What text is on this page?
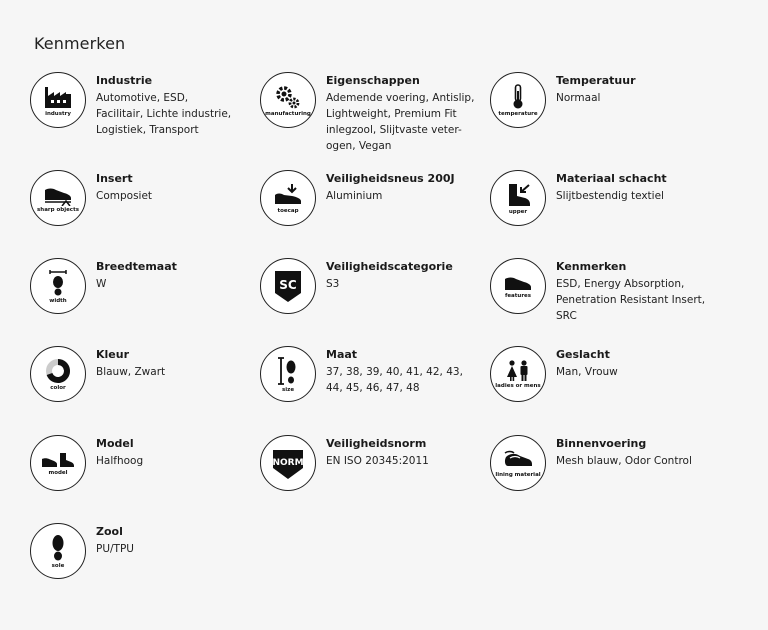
Kenmerken
industry

Industrie

Automotive, ESD, Facilitair, Lichte industrie, Logistiek, Transport

manufacturing

Eigenschappen

Ademende voering, Antislip, Lightweight, Premium Fit inlegzool, Slijtvaste veter-ogen, Vegan

temperature

Temperatuur

Normaal

sharp objects

Insert

Composiet

toecap

Veiligheidsneus 200J

Aluminium

upper

Materiaal schacht

Slijtbestendig textiel

width

Breedtemaat

W	SC

Veiligheidscategorie

S3

features

Kenmerken

ESD, Energy Absorption, Penetration Resistant Insert, SRC

color

Kleur

Blauw, Zwart

size

Maat

37, 38, 39, 40, 41, 42, 43, 44, 45, 46, 47, 48	ladies or mens

Geslacht

Man, Vrouw

model

Model

Halfhoog	NORM

Veiligheidsnorm

EN ISO 20345:2011

lining material

Binnenvoering

Mesh blauw, Odor Control

sole

Zool

PU/TPU
